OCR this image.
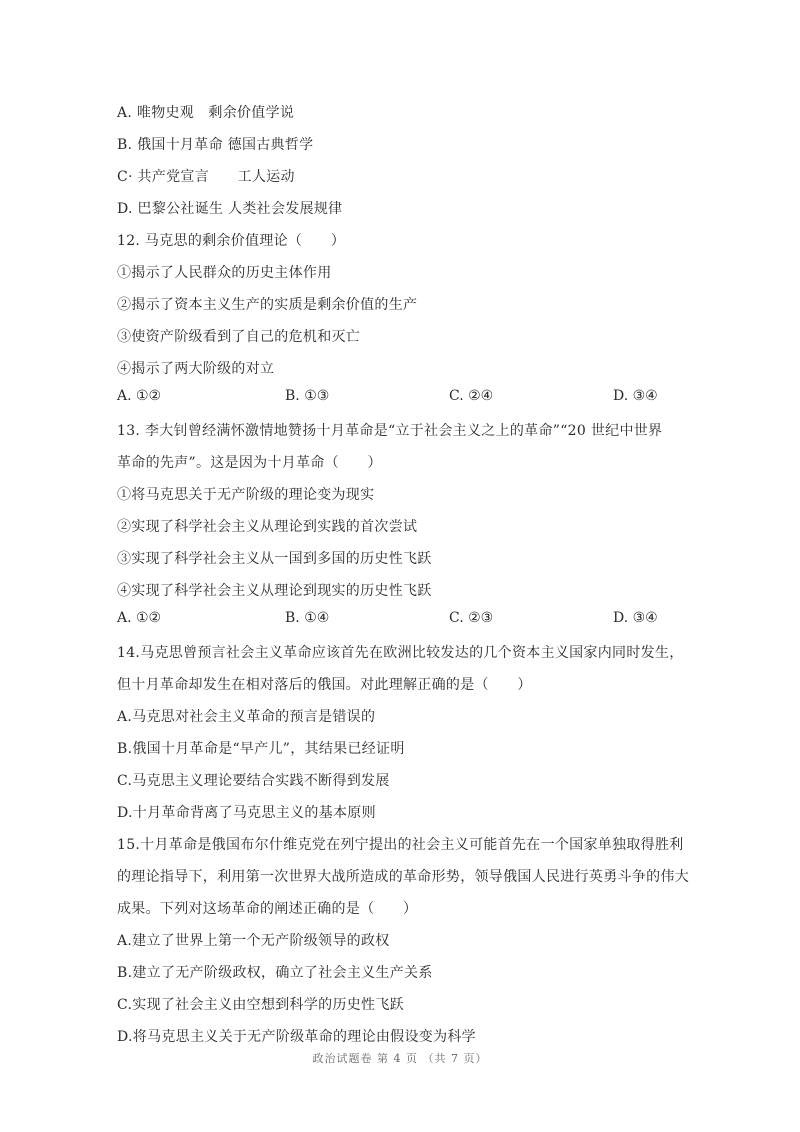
A. 唯物史观　剩余价值学说
B. 俄国十月革命 德国古典哲学
C· 共产党宣言　　工人运动
D. 巴黎公社诞生 人类社会发展规律
12. 马克思的剩余价值理论（　　）
①揭示了人民群众的历史主体作用
②揭示了资本主义生产的实质是剩余价值的生产
③使资产阶级看到了自己的危机和灭亡
④揭示了两大阶级的对立
A. ①②	B. ①③	C. ②④	D. ③④
13. 李大钊曾经满怀激情地赞扬十月革命是“立于社会主义之上的革命”“20 世纪中世界
革命的先声”。这是因为十月革命（　　）
①将马克思关于无产阶级的理论变为现实
②实现了科学社会主义从理论到实践的首次尝试
③实现了科学社会主义从一国到多国的历史性飞跃
④实现了科学社会主义从理论到现实的历史性飞跃
A. ①②	B. ①④	C. ②③	D. ③④
14.马克思曾预言社会主义革命应该首先在欧洲比较发达的几个资本主义国家内同时发生，
但十月革命却发生在相对落后的俄国。对此理解正确的是（　　）
A.马克思对社会主义革命的预言是错误的
B.俄国十月革命是“早产儿”，其结果已经证明
C.马克思主义理论要结合实践不断得到发展
D.十月革命背离了马克思主义的基本原则
15.十月革命是俄国布尔什维克党在列宁提出的社会主义可能首先在一个国家单独取得胜利
的理论指导下，利用第一次世界大战所造成的革命形势，领导俄国人民进行英勇斗争的伟大
成果。下列对这场革命的阐述正确的是（　　）
A.建立了世界上第一个无产阶级领导的政权
B.建立了无产阶级政权，确立了社会主义生产关系
C.实现了社会主义由空想到科学的历史性飞跃
D.将马克思主义关于无产阶级革命的理论由假设变为科学
政治试题卷 第 4 页 （共 7 页）
